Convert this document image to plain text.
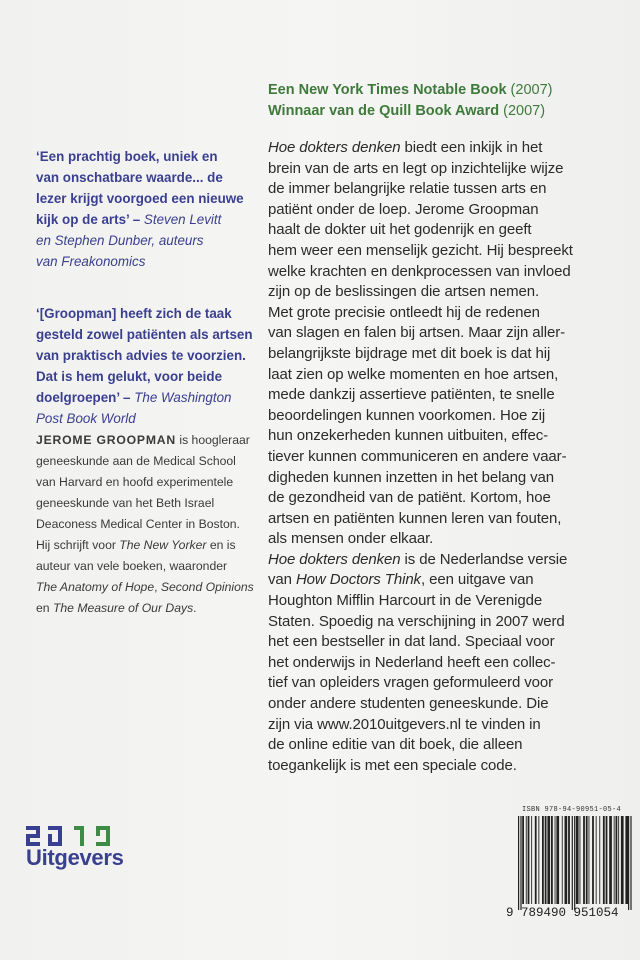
Een New York Times Notable Book (2007)
Winnaar van de Quill Book Award (2007)
Hoe dokters denken biedt een inkijk in het
brein van de arts en legt op inzichtelijke wijze
de immer belangrijke relatie tussen arts en
patiënt onder de loep. Jerome Groopman
haalt de dokter uit het godenrijk en geeft
hem weer een menselijk gezicht. Hij bespreekt
welke krachten en denkprocessen van invloed
zijn op de beslissingen die artsen nemen.
Met grote precisie ontleedt hij de redenen
van slagen en falen bij artsen. Maar zijn aller-
belangrijkste bijdrage met dit boek is dat hij
laat zien op welke momenten en hoe artsen,
mede dankzij assertieve patiënten, te snelle
beoordelingen kunnen voorkomen. Hoe zij
hun onzekerheden kunnen uitbuiten, effec-
tiever kunnen communiceren en andere vaar-
digheden kunnen inzetten in het belang van
de gezondheid van de patiënt. Kortom, hoe
artsen en patiënten kunnen leren van fouten,
als mensen onder elkaar.
Hoe dokters denken is de Nederlandse versie
van How Doctors Think, een uitgave van
Houghton Mifflin Harcourt in de Verenigde
Staten. Spoedig na verschijning in 2007 werd
het een bestseller in dat land. Speciaal voor
het onderwijs in Nederland heeft een collec-
tief van opleiders vragen geformuleerd voor
onder andere studenten geneeskunde. Die
zijn via www.2010uitgevers.nl te vinden in
de online editie van dit boek, die alleen
toegankelijk is met een speciale code.
‘Een prachtig boek, uniek en
van onschatbare waarde... de
lezer krijgt voorgoed een nieuwe
kijk op de arts’ – Steven Levitt
en Stephen Dunber, auteurs
van Freakonomics
‘[Groopman] heeft zich de taak
gesteld zowel patiënten als artsen
van praktisch advies te voorzien.
Dat is hem gelukt, voor beide
doelgroepen’ – The Washington
Post Book World
JEROME GROOPMAN is hoogleraar
geneeskunde aan de Medical School
van Harvard en hoofd experimentele
geneeskunde van het Beth Israel
Deaconess Medical Center in Boston.
Hij schrijft voor The New Yorker en is
auteur van vele boeken, waaronder
The Anatomy of Hope, Second Opinions
en The Measure of Our Days.
Uitgevers
ISBN 978-94-90951-05-4
9 789490 951054
